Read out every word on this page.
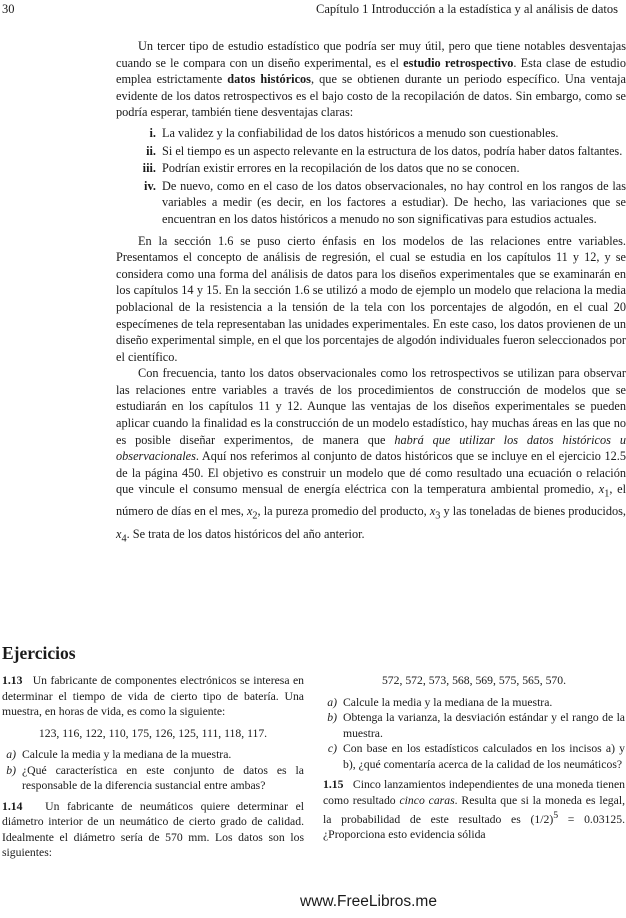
30	Capítulo 1 Introducción a la estadística y al análisis de datos

Un tercer tipo de estudio estadístico que podría ser muy útil, pero que tiene notables desventajas cuando se le compara con un diseño experimental, es el estudio retrospectivo. Esta clase de estudio emplea estrictamente datos históricos, que se obtienen durante un periodo específico. Una ventaja evidente de los datos retrospectivos es el bajo costo de la recopilación de datos. Sin embargo, como se podría esperar, también tiene desventajas claras:

i. La validez y la confiabilidad de los datos históricos a menudo son cuestionables.
ii. Si el tiempo es un aspecto relevante en la estructura de los datos, podría haber datos faltantes.
iii. Podrían existir errores en la recopilación de los datos que no se conocen.
iv. De nuevo, como en el caso de los datos observacionales, no hay control en los rangos de las variables a medir (es decir, en los factores a estudiar). De hecho, las variaciones que se encuentran en los datos históricos a menudo no son significativas para estudios actuales.

En la sección 1.6 se puso cierto énfasis en los modelos de las relaciones entre variables. Presentamos el concepto de análisis de regresión, el cual se estudia en los capítulos 11 y 12, y se considera como una forma del análisis de datos para los diseños experimentales que se examinarán en los capítulos 14 y 15. En la sección 1.6 se utilizó a modo de ejemplo un modelo que relaciona la media poblacional de la resistencia a la tensión de la tela con los porcentajes de algodón, en el cual 20 especímenes de tela representaban las unidades experimentales. En este caso, los datos provienen de un diseño experimental simple, en el que los porcentajes de algodón individuales fueron seleccionados por el científico.

Con frecuencia, tanto los datos observacionales como los retrospectivos se utilizan para observar las relaciones entre variables a través de los procedimientos de construcción de modelos que se estudiarán en los capítulos 11 y 12. Aunque las ventajas de los diseños experimentales se pueden aplicar cuando la finalidad es la construcción de un modelo estadístico, hay muchas áreas en las que no es posible diseñar experimentos, de manera que habrá que utilizar los datos históricos u observacionales. Aquí nos referimos al conjunto de datos históricos que se incluye en el ejercicio 12.5 de la página 450. El objetivo es construir un modelo que dé como resultado una ecuación o relación que vincule el consumo mensual de energía eléctrica con la temperatura ambiental promedio, $x_1$, el número de días en el mes, $x_2$, la pureza promedio del producto, $x_3$ y las toneladas de bienes producidos, $x_4$. Se trata de los datos históricos del año anterior.

Ejercicios

1.13 Un fabricante de componentes electrónicos se interesa en determinar el tiempo de vida de cierto tipo de batería. Una muestra, en horas de vida, es como la siguiente:

123, 116, 122, 110, 175, 126, 125, 111, 118, 117.
a) Calcule la media y la mediana de la muestra.
b) ¿Qué característica en este conjunto de datos es la responsable de la diferencia sustancial entre ambas?

1.14 Un fabricante de neumáticos quiere determinar el diámetro interior de un neumático de cierto grado de calidad. Idealmente el diámetro sería de 570 mm. Los datos son los siguientes:

572, 572, 573, 568, 569, 575, 565, 570.
a) Calcule la media y la mediana de la muestra.
b) Obtenga la varianza, la desviación estándar y el rango de la muestra.
c) Con base en los estadísticos calculados en los incisos a) y b), ¿qué comentaría acerca de la calidad de los neumáticos?

1.15 Cinco lanzamientos independientes de una moneda tienen como resultado cinco caras. Resulta que si la moneda es legal, la probabilidad de este resultado es $(1/2)^5 = 0.03125$. ¿Proporciona esto evidencia sólida

www.FreeLibros.me
